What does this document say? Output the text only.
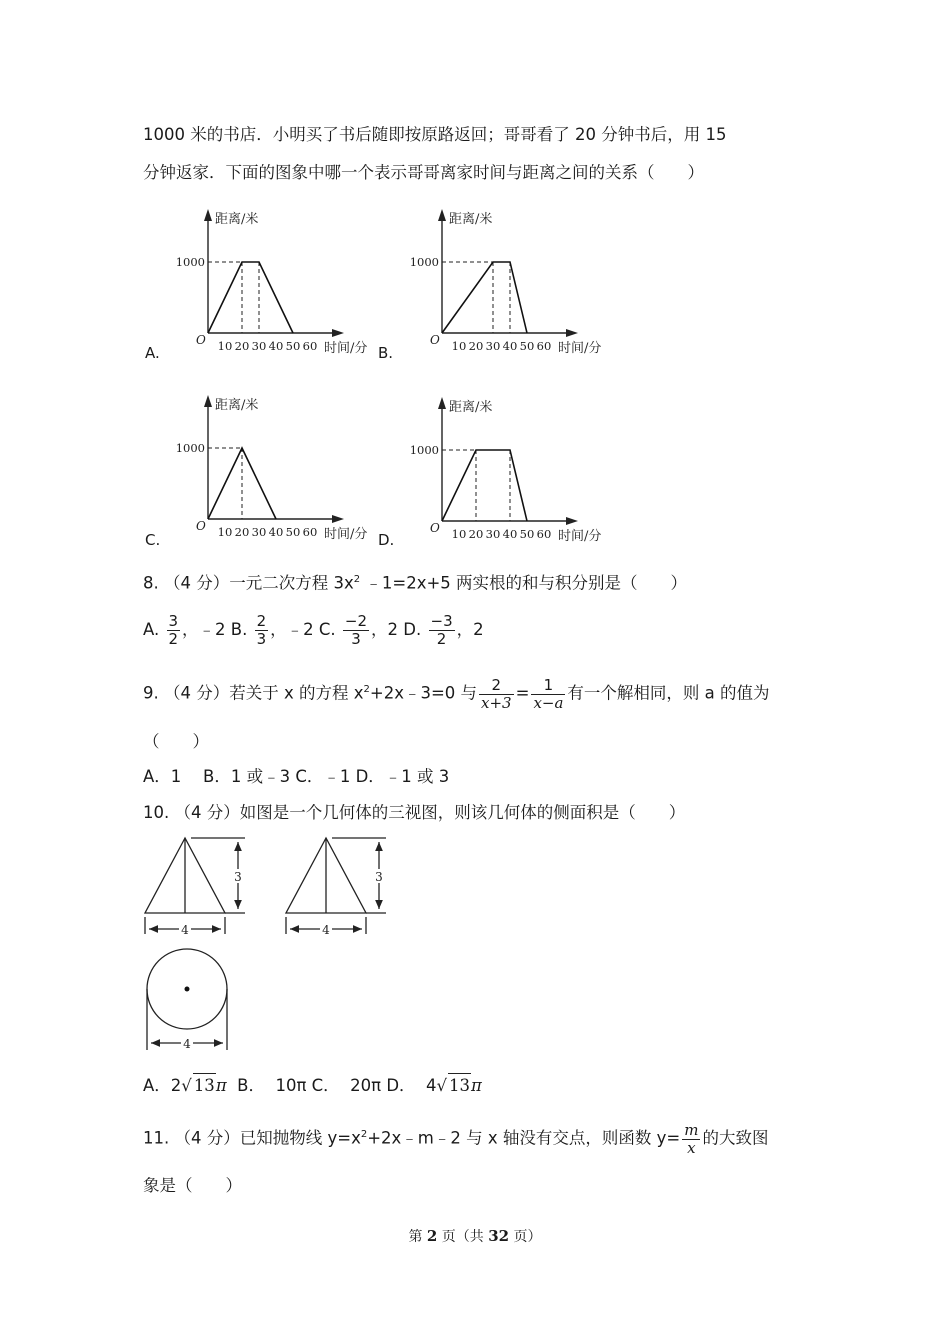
1000 米的书店．小明买了书后随即按原路返回；哥哥看了 20 分钟书后，用 15
分钟返家．下面的图象中哪一个表示哥哥离家时间与距离之间的关系（　　）
A.	B.
C.	D.
距离/米
时间/分
O 10 20 30 40 50 60
1000
距离/米
时间/分
O 10 20 30 40 50 60
1000
距离/米
时间/分
O 10 20 30 40 50 60
1000
距离/米
时间/分
O 10 20 30 40 50 60
1000
8. （4 分）一元二次方程 $3x^2$ ﹣1=2x+5 两实根的和与积分别是（　　）
A. $\frac{3}{2}$ ，﹣2 B. $\frac{2}{3}$ ，﹣2 C. $\frac{-2}{3}$ ，2 D. $\frac{-3}{2}$ ，2
9. （4 分）若关于 x 的方程 $x^2+2x﹣3=0$ 与 $\frac{2}{x+3} = \frac{1}{x-a}$ 有一个解相同，则 a 的值为
（　　）
A．1　 B．1 或﹣3 C．﹣1 D．﹣1 或 3
10. （4 分）如图是一个几何体的三视图，则该几何体的侧面积是（　　）
3
4
3
4
4
A．2√ 13π  B．  10π C．  20π D．  4√ 13π
11. （4 分）已知抛物线 $y=x^2+2x﹣m﹣2$ 与 x 轴没有交点，则函数 $y= \frac{m}{x}$ 的大致图
象是（　　）
第 2 页（共 32 页）
